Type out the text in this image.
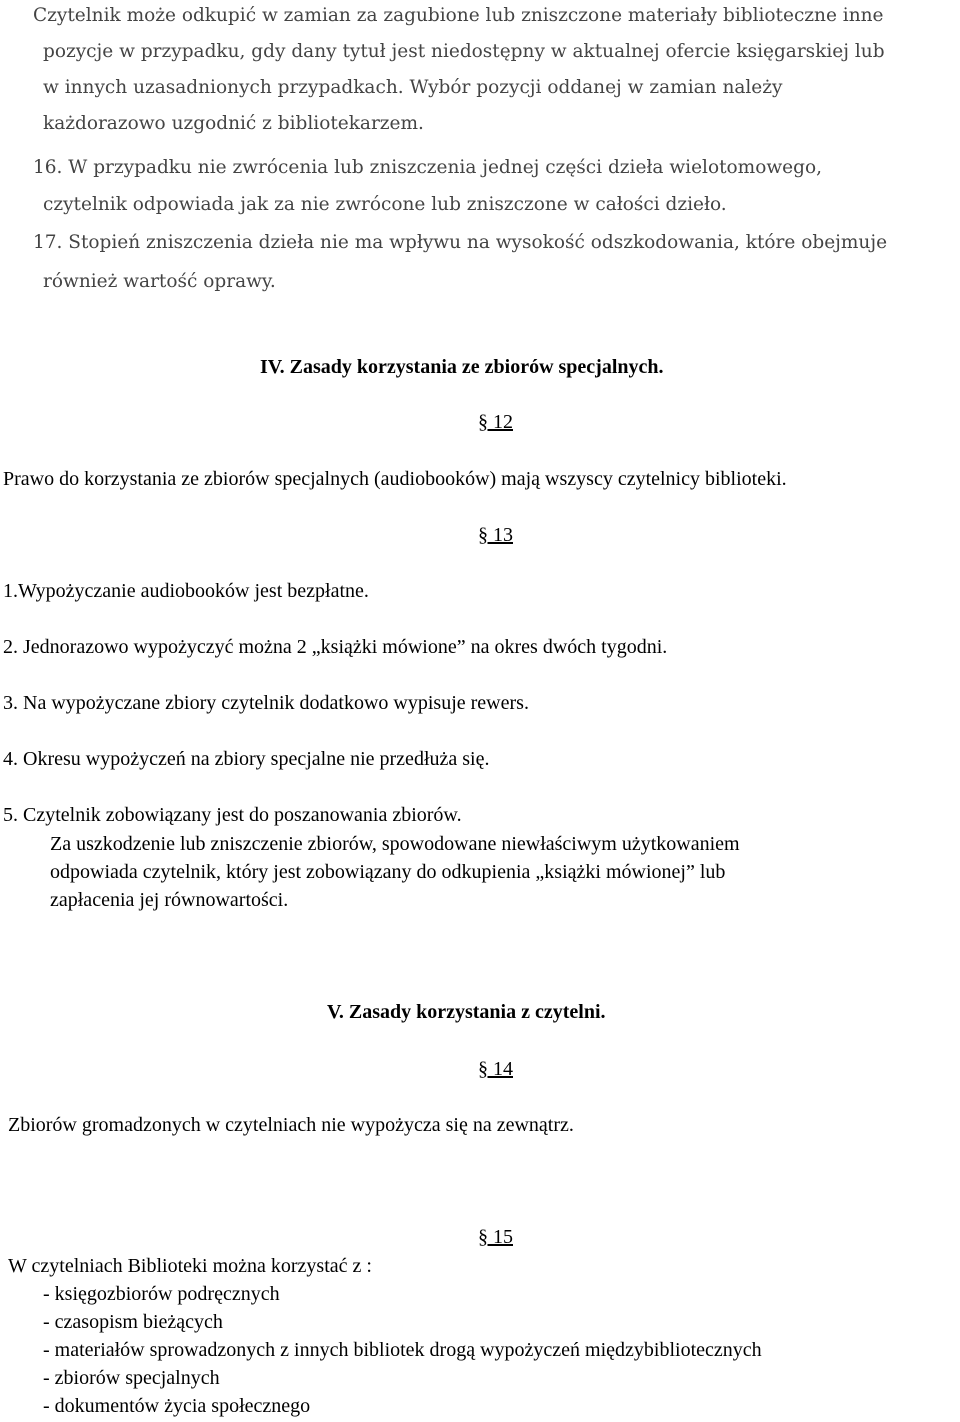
Czytelnik może odkupić w zamian za zagubione lub zniszczone materiały biblioteczne inne
pozycje w przypadku, gdy dany tytuł jest niedostępny w aktualnej ofercie księgarskiej lub
w innych uzasadnionych przypadkach. Wybór pozycji oddanej w zamian należy
każdorazowo uzgodnić z bibliotekarzem.
16. W przypadku nie zwrócenia lub zniszczenia jednej części dzieła wielotomowego,
czytelnik odpowiada jak za nie zwrócone lub zniszczone w całości dzieło.
17. Stopień zniszczenia dzieła nie ma wpływu na wysokość odszkodowania, które obejmuje
również wartość oprawy.
IV. Zasady korzystania ze zbiorów specjalnych.
§ 12
Prawo do korzystania ze zbiorów specjalnych (audiobooków) mają wszyscy czytelnicy biblioteki.
§ 13
1.Wypożyczanie audiobooków jest bezpłatne.
2. Jednorazowo wypożyczyć można 2 „książki mówione” na okres dwóch tygodni.
3. Na wypożyczane zbiory czytelnik dodatkowo wypisuje rewers.
4. Okresu wypożyczeń na zbiory specjalne nie przedłuża się.
5. Czytelnik zobowiązany jest do poszanowania zbiorów.
Za uszkodzenie lub zniszczenie zbiorów, spowodowane niewłaściwym użytkowaniem
odpowiada czytelnik, który jest zobowiązany do odkupienia „książki mówionej” lub
zapłacenia jej równowartości.
V. Zasady korzystania z czytelni.
§ 14
Zbiorów gromadzonych w czytelniach nie wypożycza się na zewnątrz.
§ 15
W czytelniach Biblioteki można korzystać z :
- księgozbiorów podręcznych
- czasopism bieżących
- materiałów sprowadzonych z innych bibliotek drogą wypożyczeń międzybibliotecznych
- zbiorów specjalnych
- dokumentów życia społecznego
